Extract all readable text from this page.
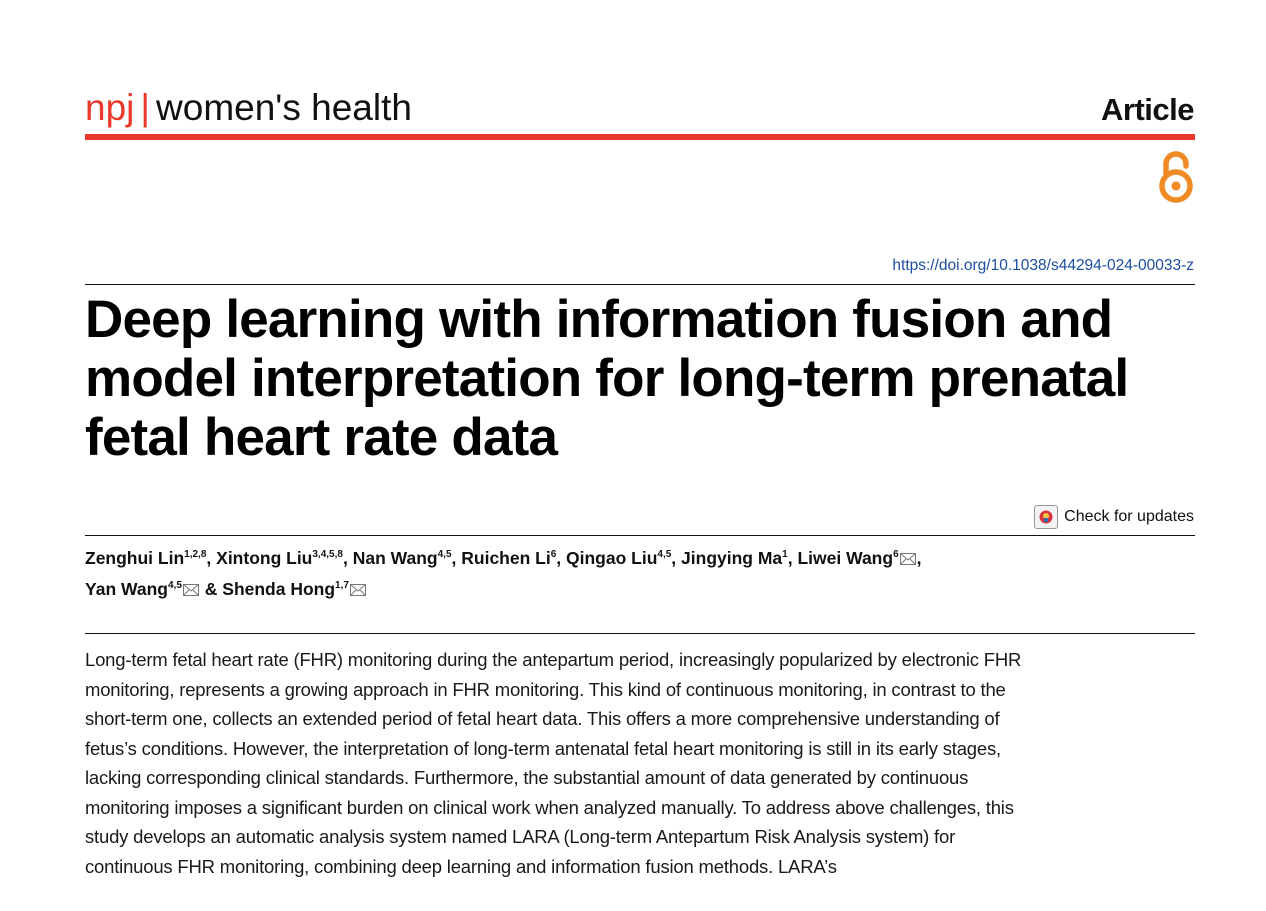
npj | women's health	Article
https://doi.org/10.1038/s44294-024-00033-z
Deep learning with information fusion and model interpretation for long-term prenatal fetal heart rate data
Check for updates
Zenghui Lin$^{1,2,8}$, Xintong Liu$^{3,4,5,8}$, Nan Wang$^{4,5}$, Ruichen Li$^6$, Qingao Liu$^{4,5}$, Jingying Ma$^1$, Liwei Wang$^6$ ,
Yan Wang$^{4,5}$ & Shenda Hong$^{1,7}$

Long-term fetal heart rate (FHR) monitoring during the antepartum period, increasingly popularized by electronic FHR monitoring, represents a growing approach in FHR monitoring. This kind of continuous monitoring, in contrast to the short-term one, collects an extended period of fetal heart data. This offers a more comprehensive understanding of fetus’s conditions. However, the interpretation of long-term antenatal fetal heart monitoring is still in its early stages, lacking corresponding clinical standards. Furthermore, the substantial amount of data generated by continuous monitoring imposes a significant burden on clinical work when analyzed manually. To address above challenges, this study develops an automatic analysis system named LARA (Long-term Antepartum Risk Analysis system) for continuous FHR monitoring, combining deep learning and information fusion methods. LARA’s
